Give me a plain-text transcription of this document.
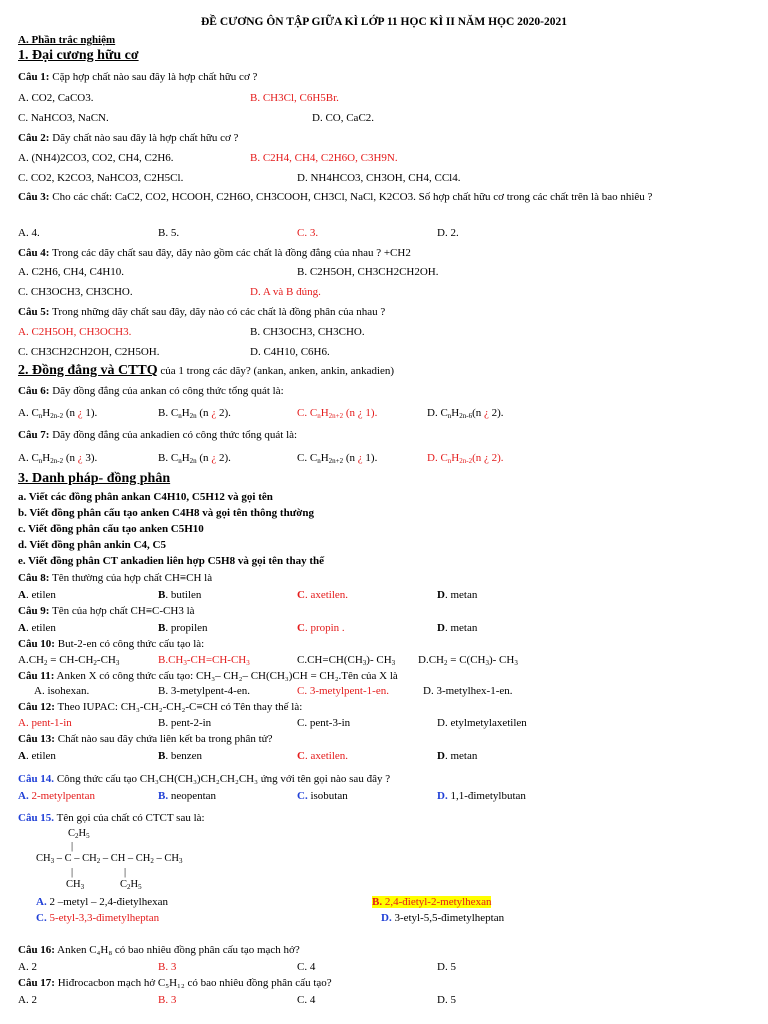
ĐỀ CƯƠNG ÔN TẬP GIỮA KÌ LỚP 11 HỌC KÌ II NĂM HỌC 2020-2021
A. Phần trắc nghiệm
1. Đại cương hữu cơ
Câu 1: Cặp hợp chất nào sau đây là hợp chất hữu cơ ?
A. CO2, CaCO3.	B. CH3Cl, C6H5Br.
C. NaHCO3, NaCN.	D. CO, CaC2.
Câu 2: Dãy chất nào sau đây là hợp chất hữu cơ ?
A. (NH4)2CO3, CO2, CH4, C2H6.	B. C2H4, CH4, C2H6O, C3H9N.
C. CO2, K2CO3, NaHCO3, C2H5Cl.	D. NH4HCO3, CH3OH, CH4, CCl4.
Câu 3: Cho các chất: CaC2, CO2, HCOOH, C2H6O, CH3COOH, CH3Cl, NaCl, K2CO3. Số hợp chất hữu cơ trong các chất trên là bao nhiêu ?
A. 4.	B. 5.	C. 3.	D. 2.
Câu 4: Trong các dãy chất sau đây, dãy nào gồm các chất là đồng đẳng của nhau ? +CH2
A. C2H6, CH4, C4H10.	B. C2H5OH, CH3CH2CH2OH.
C. CH3OCH3, CH3CHO.	D. A và B đúng.
Câu 5: Trong những dãy chất sau đây, dãy nào có các chất là đồng phân của nhau ?
A. C2H5OH, CH3OCH3.	B. CH3OCH3, CH3CHO.
C. CH3CH2CH2OH, C2H5OH.	D. C4H10, C6H6.
2. Đồng đẳng và CTTQ của 1 trong các dãy? (ankan, anken, ankin, ankadien)
Câu 6: Dãy đồng đẳng của ankan có công thức tổng quát là:
A. $C_nH_{2n-2}$ (n ¿ 1).	B. $C_nH_{2n}$ (n ¿ 2).	C. $C_nH_{2n+2}$ (n ¿ 1).	D. $C_nH_{2n-6}(n$ ¿ 2).
Câu 7: Dãy đồng đẳng của ankadien có công thức tổng quát là:
A. $C_nH_{2n-2}$ (n ¿ 3).	B. $C_nH_{2n}$ (n ¿ 2).	C. $C_nH_{2n+2}$ (n ¿ 1).	D. $C_nH_{2n-2}(n$ ¿ 2).
3. Danh pháp- đồng phân
a. Viết các đồng phân ankan C4H10, C5H12 và gọi tên
b. Viết đồng phân cấu tạo anken C4H8 và gọi tên thông thường
c. Viết đồng phân cấu tạo anken C5H10
d. Viết đồng phân ankin C4, C5
e. Viết đồng phân CT ankadien liên hợp C5H8 và gọi tên thay thế
Câu 8: Tên thường của hợp chất CH≡CH là
A. etilen	B. butilen	C. axetilen.	D. metan
Câu 9: Tên của hợp chất CH≡C-CH3 là
A. etilen	B. propilen	C. propin .	D. metan
Câu 10: But-2-en có công thức cấu tạo là:
$A.CH_2 = CH-CH_2-CH_3$	$B.CH_3-CH=CH-CH_3$	$C.CH=CH(CH_3)-$ $CH_3$ $D.CH_2 = C(CH_3)-$ $CH_3$
Câu 11: Anken X có công thức cấu tạo: CH₃– CH₂– CH(CH₃)CH = CH₂.Tên của X là
A. isohexan.	B. 3-metylpent-4-en.	C. 3-metylpent-1-en.	D. 3-metylhex-1-en.
Câu 12: Theo IUPAC: CH₃-CH₂-CH₂-C≡CH có Tên thay thế là:
A. pent-1-in	B. pent-2-in	C. pent-3-in	D. etylmetylaxetilen
Câu 13: Chất nào sau đây chứa liên kết ba trong phân tử?
A. etilen	B. benzen	C. axetilen.	D. metan
Câu 14. Công thức cấu tạo CH₃CH(CH₃)CH₂CH₂CH₃ ứng với tên gọi nào sau đây ?
A. 2-metylpentan	B. neopentan	C. isobutan	D. 1,1-đimetylbutan
Câu 15. Tên gọi của chất có CTCT sau là:
$C_2H_5$
|
$CH_3$ – C – $CH_2$ – CH – $CH_2 - CH_3$
|	|
$CH_3$	$C_2H_5$
A. 2 –metyl – 2,4-đietylhexan	B. 2,4-đietyl-2-metylhexan
C. 5-etyl-3,3-đimetylheptan	D. 3-etyl-5,5-đimetylheptan
Câu 16: Anken C₄H₈ có bao nhiêu đồng phân cấu tạo mạch hở?
A. 2	B. 3	C. 4	D. 5
Câu 17: Hiđrocacbon mạch hở C₅H₁₂ có bao nhiêu đồng phân cấu tạo?
A. 2	B. 3	C. 4	D. 5
